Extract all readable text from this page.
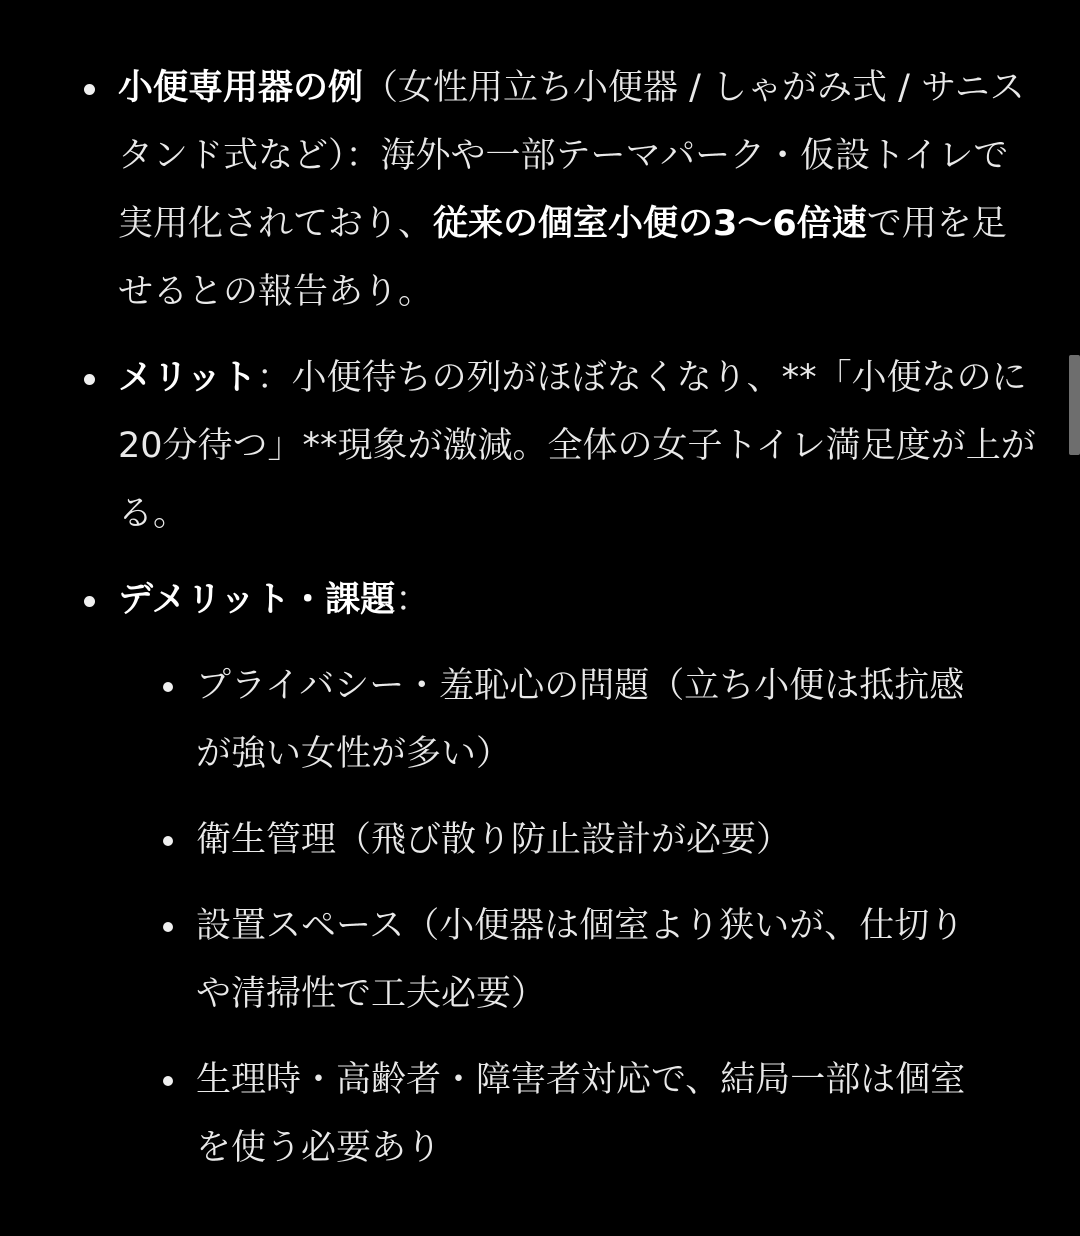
小便専用器の例（女性用立ち小便器 / しゃがみ式 / サニスタンド式など）：海外や一部テーマパーク・仮設トイレで実用化されており、従来の個室小便の3〜6倍速で用を足せるとの報告あり。
メリット：小便待ちの列がほぼなくなり、**「小便なのに20分待つ」**現象が激減。全体の女子トイレ満足度が上がる。
デメリット・課題：
プライバシー・羞恥心の問題（立ち小便は抵抗感が強い女性が多い）
衛生管理（飛び散り防止設計が必要）
設置スペース（小便器は個室より狭いが、仕切りや清掃性で工夫必要）
生理時・高齢者・障害者対応で、結局一部は個室を使う必要あり
